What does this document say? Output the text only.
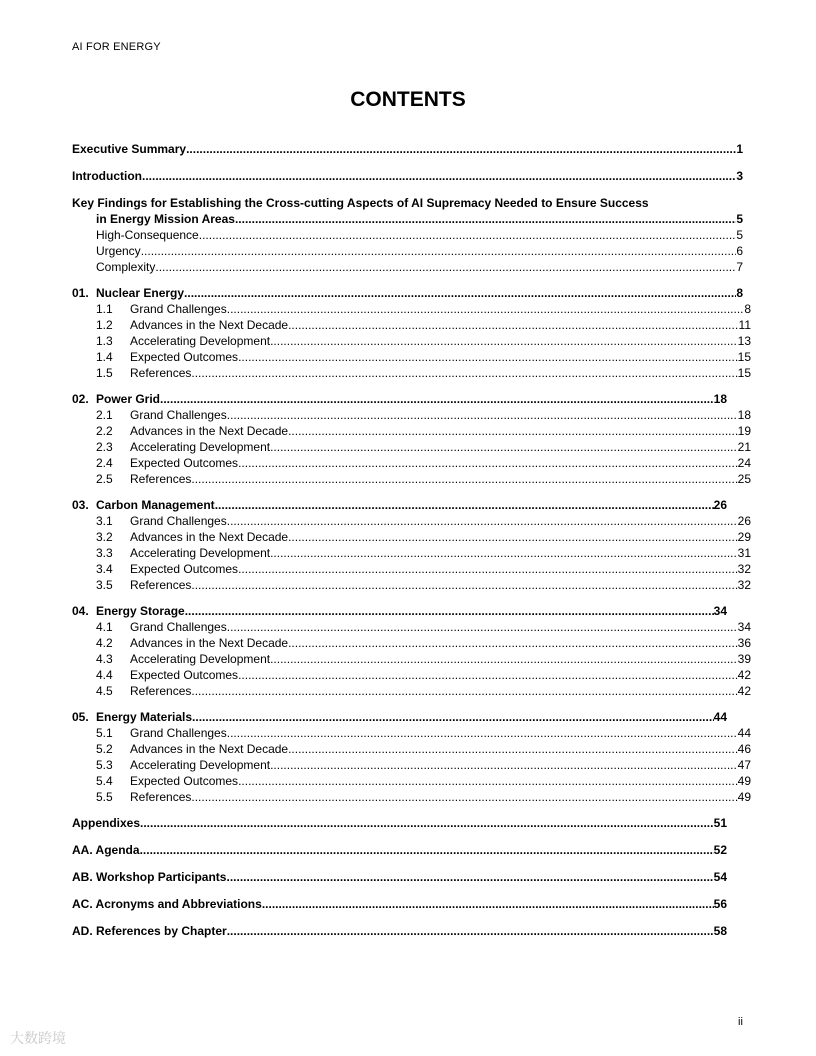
AI FOR ENERGY
CONTENTS
Executive Summary .....	1
Introduction .....	3
Key Findings for Establishing the Cross-cutting Aspects of AI Supremacy Needed to Ensure Success
in Energy Mission Areas .....	5
High-Consequence .....	5
Urgency .....	6
Complexity .....	7
01. Nuclear Energy .....	8
1.1 Grand Challenges .....	8
1.2 Advances in the Next Decade .....	11
1.3 Accelerating Development .....	13
1.4 Expected Outcomes .....	15
1.5 References .....	15
02. Power Grid .....	18
2.1 Grand Challenges .....	18
2.2 Advances in the Next Decade .....	19
2.3 Accelerating Development .....	21
2.4 Expected Outcomes .....	24
2.5 References .....	25
03. Carbon Management .....	26
3.1 Grand Challenges .....	26
3.2 Advances in the Next Decade .....	29
3.3 Accelerating Development .....	31
3.4 Expected Outcomes .....	32
3.5 References .....	32
04. Energy Storage .....	34
4.1 Grand Challenges .....	34
4.2 Advances in the Next Decade .....	36
4.3 Accelerating Development .....	39
4.4 Expected Outcomes .....	42
4.5 References .....	42
05. Energy Materials .....	44
5.1 Grand Challenges .....	44
5.2 Advances in the Next Decade .....	46
5.3 Accelerating Development .....	47
5.4 Expected Outcomes .....	49
5.5 References .....	49
Appendixes .....	51
AA. Agenda .....	52
AB. Workshop Participants .....	54
AC. Acronyms and Abbreviations .....	56
AD. References by Chapter .....	58
ii
大数跨境
